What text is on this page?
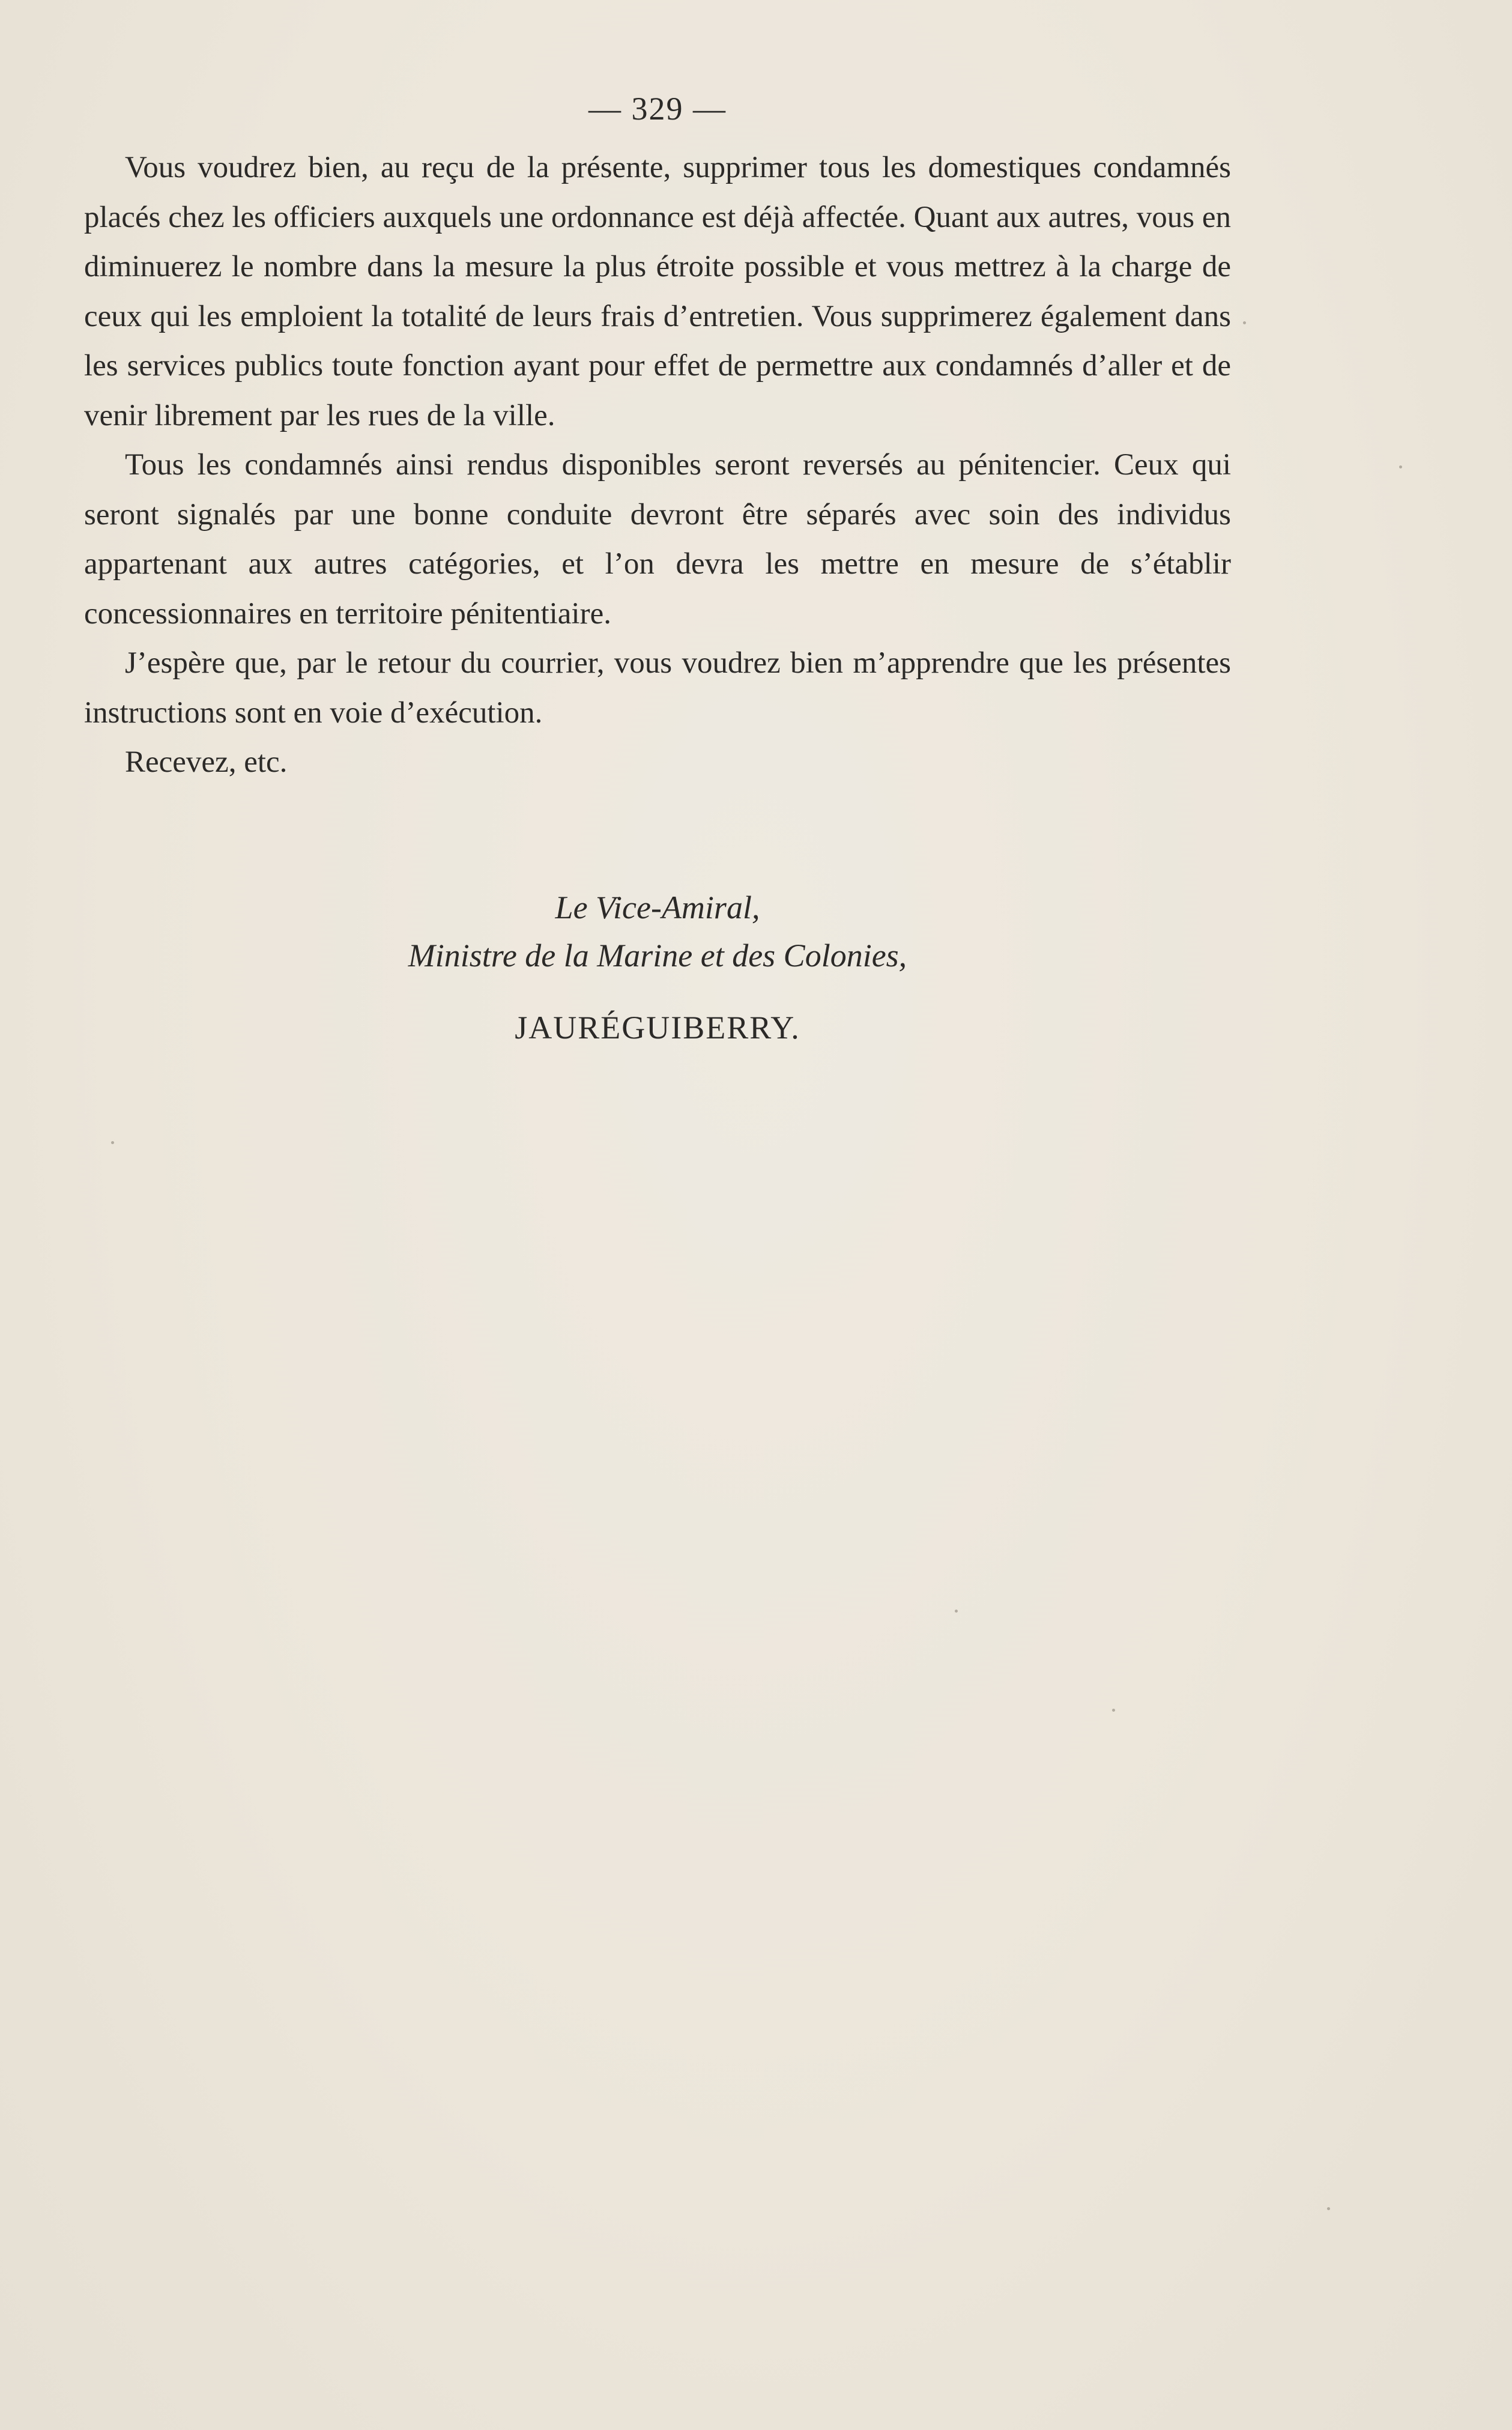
— 329 —

Vous voudrez bien, au reçu de la présente, supprimer tous les domestiques condamnés placés chez les officiers auxquels une ordonnance est déjà affectée. Quant aux autres, vous en diminuerez le nombre dans la mesure la plus étroite possible et vous mettrez à la charge de ceux qui les emploient la totalité de leurs frais d’entretien. Vous supprimerez également dans les services publics toute fonction ayant pour effet de permettre aux condamnés d’aller et de venir librement par les rues de la ville.

Tous les condamnés ainsi rendus disponibles seront reversés au pénitencier. Ceux qui seront signalés par une bonne conduite devront être séparés avec soin des individus appartenant aux autres catégories, et l’on devra les mettre en mesure de s’établir concessionnaires en territoire pénitentiaire.

J’espère que, par le retour du courrier, vous voudrez bien m’apprendre que les présentes instructions sont en voie d’exécution.

Recevez, etc.

Le Vice-Amiral,
Ministre de la Marine et des Colonies,
JAURÉGUIBERRY.
